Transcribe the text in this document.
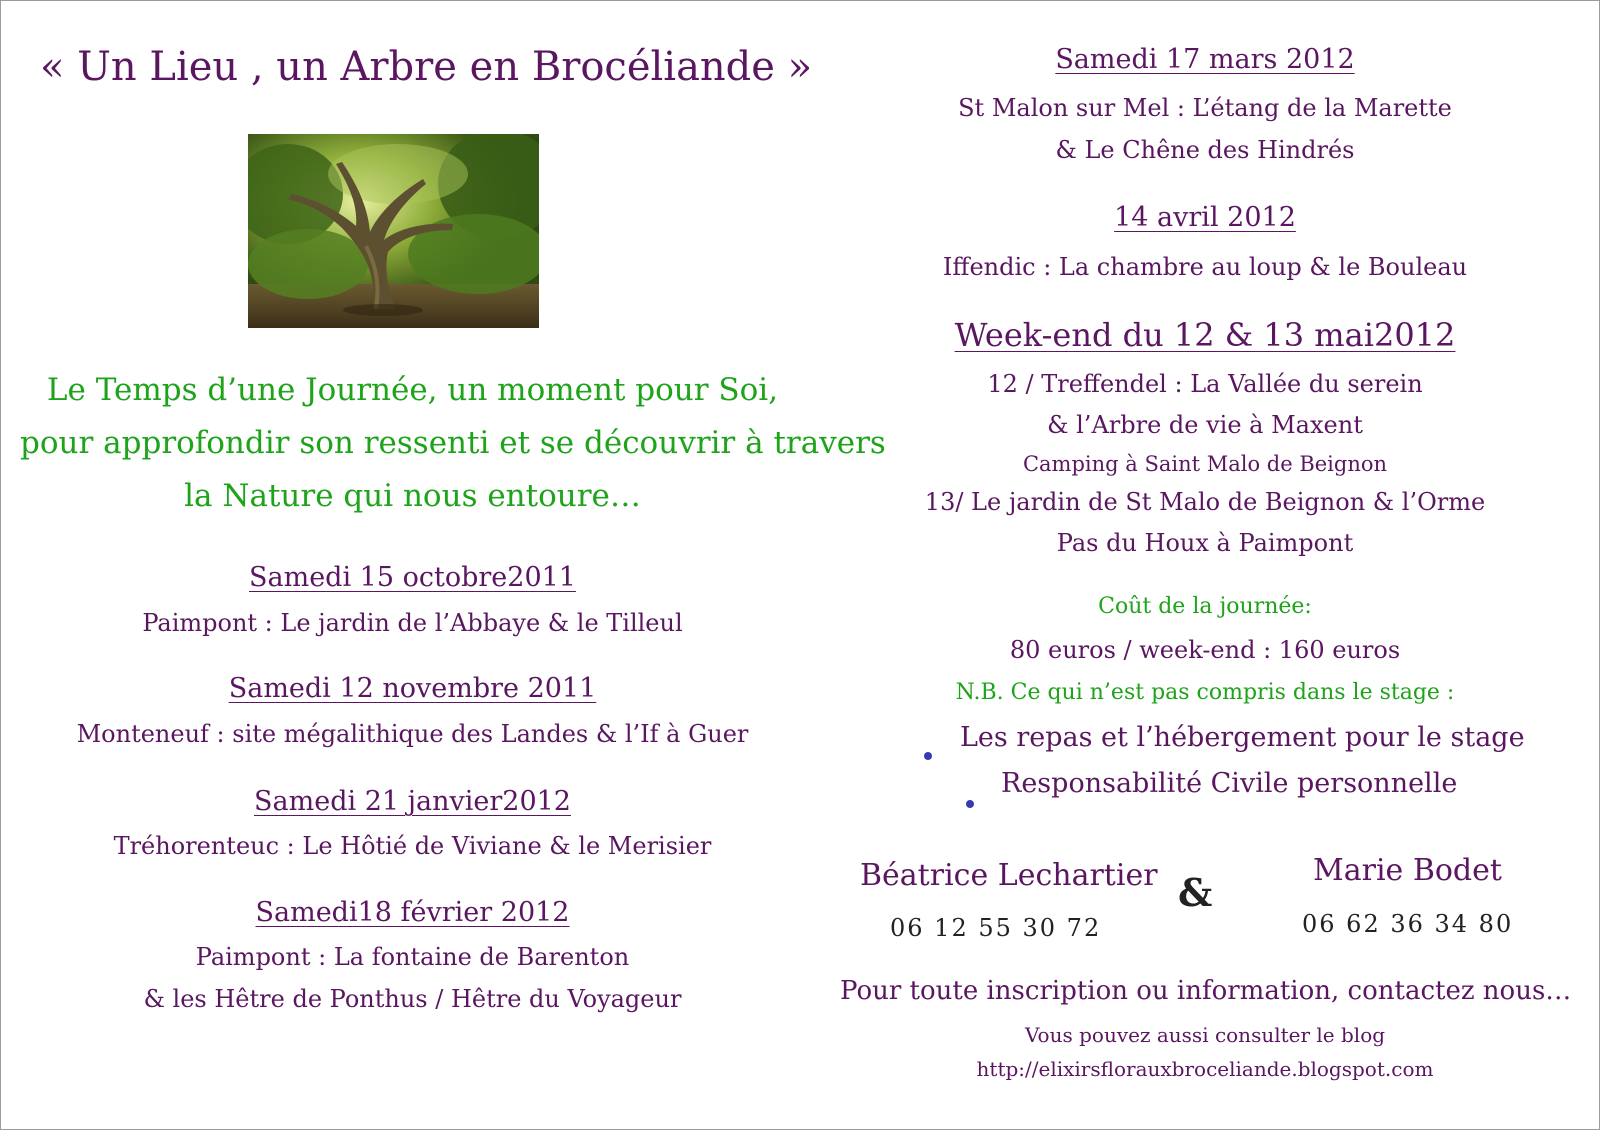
« Un Lieu , un Arbre en Brocéliande »
Le Temps d’une Journée, un moment pour Soi,
pour approfondir son ressenti et se découvrir à travers
la Nature qui nous entoure…
Samedi 15 octobre2011
Paimpont : Le jardin de l’Abbaye & le Tilleul
Samedi 12 novembre 2011
Monteneuf : site mégalithique des Landes & l’If à Guer
Samedi 21 janvier2012
Tréhorenteuc : Le Hôtié de Viviane & le Merisier
Samedi18 février 2012
Paimpont : La fontaine de Barenton
& les Hêtre de Ponthus / Hêtre du Voyageur
Samedi 17 mars 2012
St Malon sur Mel : L’étang de la Marette
& Le Chêne des Hindrés
14 avril 2012
Iffendic : La chambre au loup & le Bouleau
Week-end du 12 & 13 mai2012
12 / Treffendel : La Vallée du serein
& l’Arbre de vie à Maxent
Camping à Saint Malo de Beignon
13/ Le jardin de St Malo de Beignon & l’Orme
Pas du Houx à Paimpont
Coût de la journée:
80 euros / week-end : 160 euros
N.B. Ce qui n’est pas compris dans le stage :
Les repas et l’hébergement pour le stage
Responsabilité Civile personnelle
Béatrice Lechartier
06 12 55 30 72
&	Marie Bodet
06 62 36 34 80
Pour toute inscription ou information, contactez nous…
Vous pouvez aussi consulter le blog
http://elixirsflorauxbroceliande.blogspot.com
